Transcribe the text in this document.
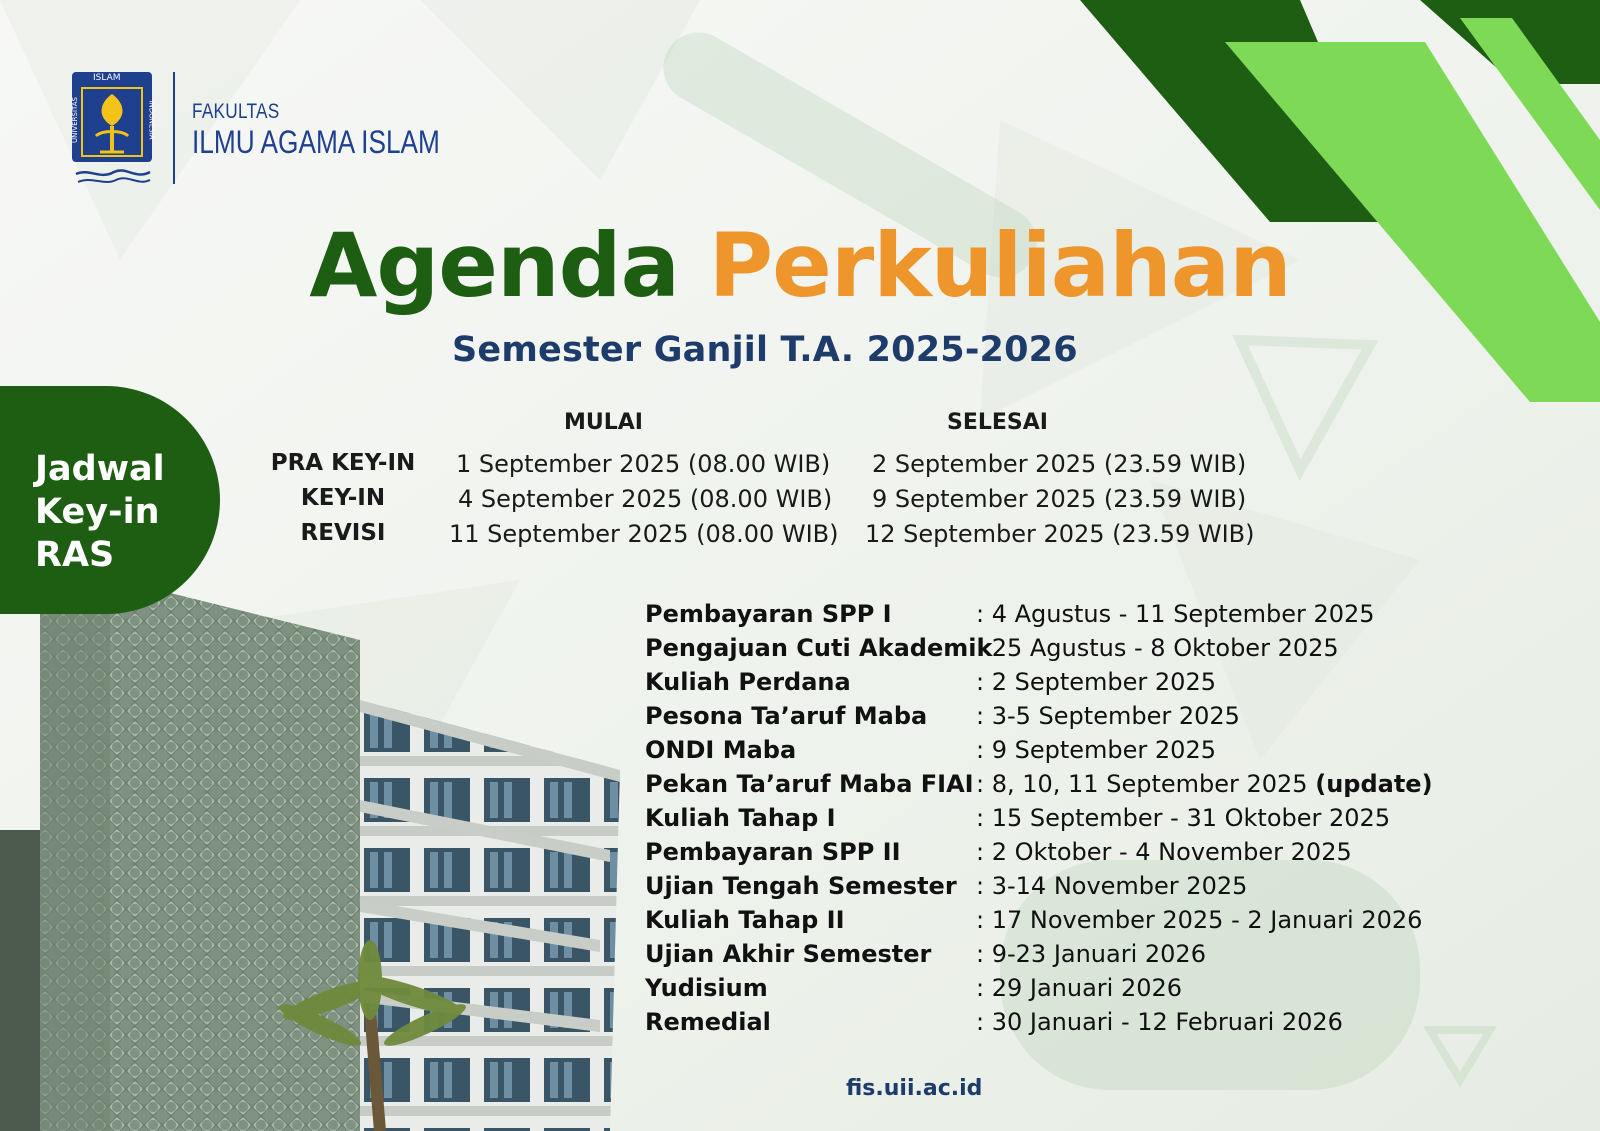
ISLAM
UNIVERSITAS	INDONESIA FAKULTAS
ILMU AGAMA ISLAM
Agenda Perkuliahan
Semester Ganjil T.A. 2025-2026
Jadwal
Key-in
RAS
MULAI	SELESAI
PRA KEY-IN 1 September 2025 (08.00 WIB) 2 September 2025 (23.59 WIB)
KEY-IN	4 September 2025 (08.00 WIB) 9 September 2025 (23.59 WIB)
REVISI	11 September 2025 (08.00 WIB) 12 September 2025 (23.59 WIB)
Pembayaran SPP I	: 4 Agustus - 11 September 2025
Pengajuan Cuti Akademik
: 25 Agustus - 8 Oktober 2025
Kuliah Perdana	: 2 September 2025
Pesona Ta’aruf Maba : 3-5 September 2025
ONDI Maba	: 9 September 2025
Pekan Ta’aruf Maba FIAI : 8, 10, 11 September 2025 (update)
Kuliah Tahap I	: 15 September - 31 Oktober 2025
Pembayaran SPP II	: 2 Oktober - 4 November 2025
Ujian Tengah Semester : 3-14 November 2025
Kuliah Tahap II	: 17 November 2025 - 2 Januari 2026
Ujian Akhir Semester : 9-23 Januari 2026
Yudisium	: 29 Januari 2026
Remedial	: 30 Januari - 12 Februari 2026
fis.uii.ac.id
